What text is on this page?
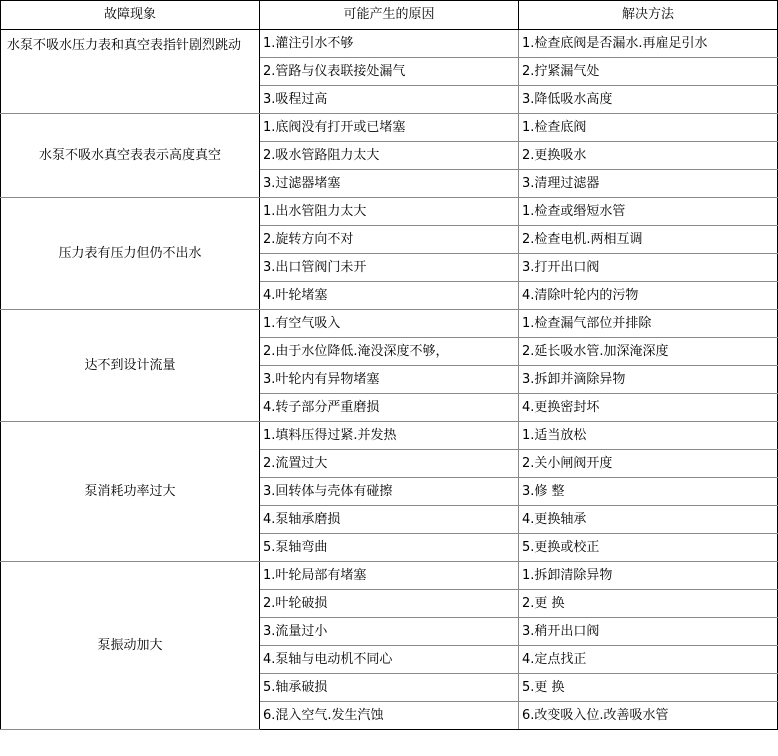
故障现象	可能产生的原因	解决方法
水泵不吸水压力表和真空表指针剧烈跳动	1.灌注引水不够	1.检查底阀是否漏水.再雇足引水
	2.管路与仪表联接处漏气	2.拧紧漏气处
	3.吸程过高	3.降低吸水高度
水泵不吸水真空表表示高度真空	1.底阀没有打开或已堵塞	1.检查底阀
	2.吸水管路阻力太大	2.更换吸水
	3.过滤器堵塞	3.清理过滤器
压力表有压力但仍不出水	1.出水管阻力太大	1.检查或缗短水管
	2.旋转方向不对	2.检查电机.两相互调
	3.出口管阀门未开	3.打开出口阀
	4.叶轮堵塞	4.清除叶轮内的污物
达不到设计流量	1.有空气吸入	1.检查漏气部位并排除
	2.由于水位降低.淹没深度不够，	2.延长吸水管.加深淹深度
	3.叶轮内有异物堵塞	3.拆卸并滴除异物
	4.转子部分严重磨损	4.更换密封坏
泵消耗功率过大	1.填料压得过紧.并发热	1.适当放松
	2.流置过大	2.关小闸阀开度
	3.回转体与壳体有碰擦	3.修 整
	4.泵轴承磨损	4.更换轴承
	5.泵轴弯曲	5.更换或校正
泵振动加大	1.叶轮局部有堵塞	1.拆卸清除异物
	2.叶轮破损	2.更 换
	3.流量过小	3.稍开出口阀
	4.泵轴与电动机不同心	4.定点找正
	5.轴承破损	5.更 换
	6.混入空气.发生汽蚀	6.改变吸入位.改善吸水管
